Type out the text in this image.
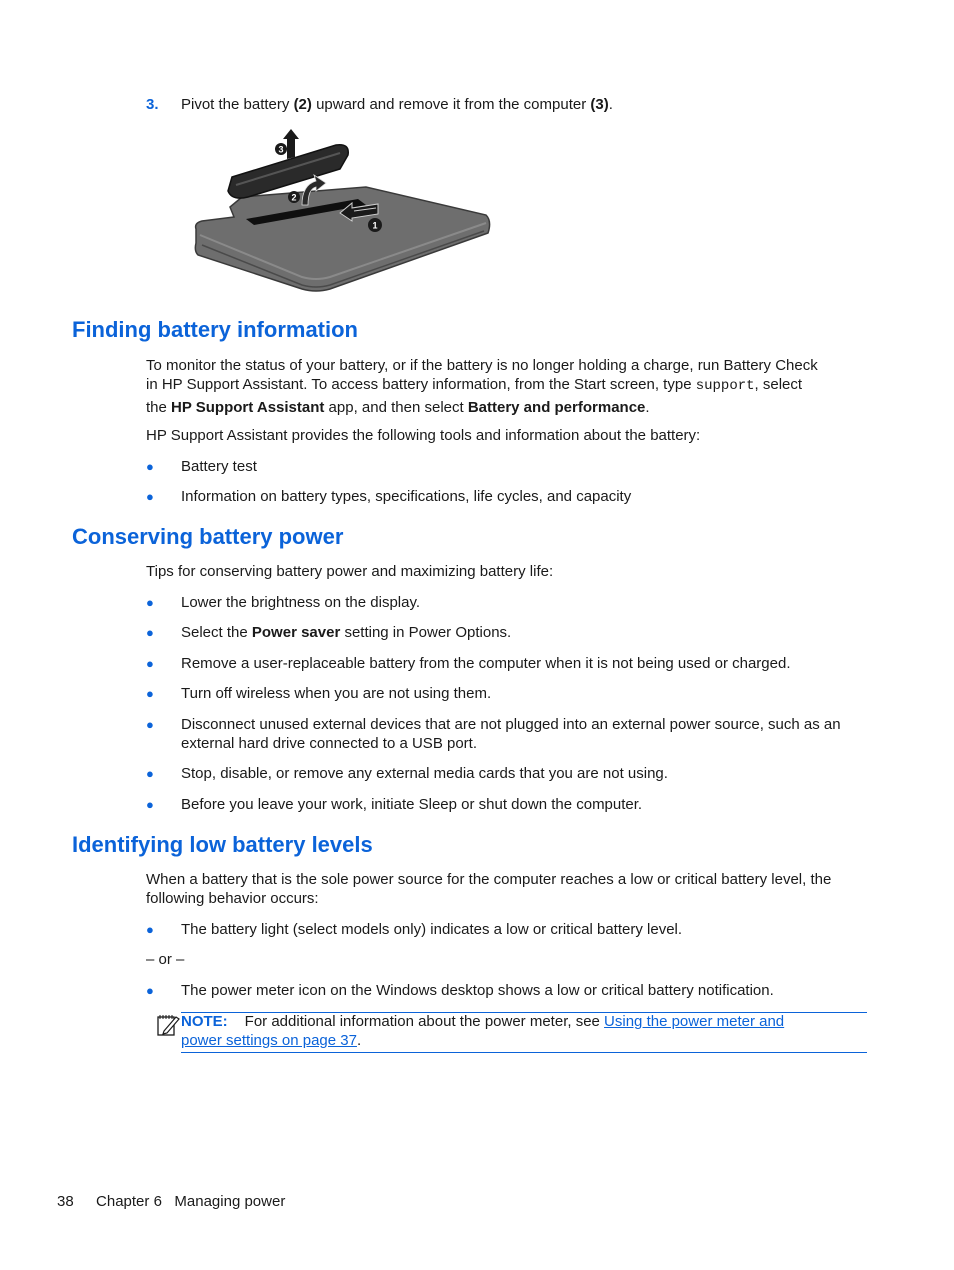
3. Pivot the battery (2) upward and remove it from the computer (3).
3
2
1
Finding battery information
To monitor the status of your battery, or if the battery is no longer holding a charge, run Battery Check
in HP Support Assistant. To access battery information, from the Start screen, type support, select
the HP Support Assistant app, and then select Battery and performance.

HP Support Assistant provides the following tools and information about the battery:

● Battery test
● Information on battery types, specifications, life cycles, and capacity
Conserving battery power

Tips for conserving battery power and maximizing battery life:

● Lower the brightness on the display.
● Select the Power saver setting in Power Options.
● Remove a user-replaceable battery from the computer when it is not being used or charged.
● Turn off wireless when you are not using them.
● Disconnect unused external devices that are not plugged into an external power source, such as an external hard drive connected to a USB port.
● Stop, disable, or remove any external media cards that you are not using.
● Before you leave your work, initiate Sleep or shut down the computer.
Identifying low battery levels

When a battery that is the sole power source for the computer reaches a low or critical battery level, the following behavior occurs:

● The battery light (select models only) indicates a low or critical battery level.

– or –

● The power meter icon on the Windows desktop shows a low or critical battery notification.
NOTE: For additional information about the power meter, see Using the power meter and
power settings on page 37.
38 Chapter 6   Managing power
